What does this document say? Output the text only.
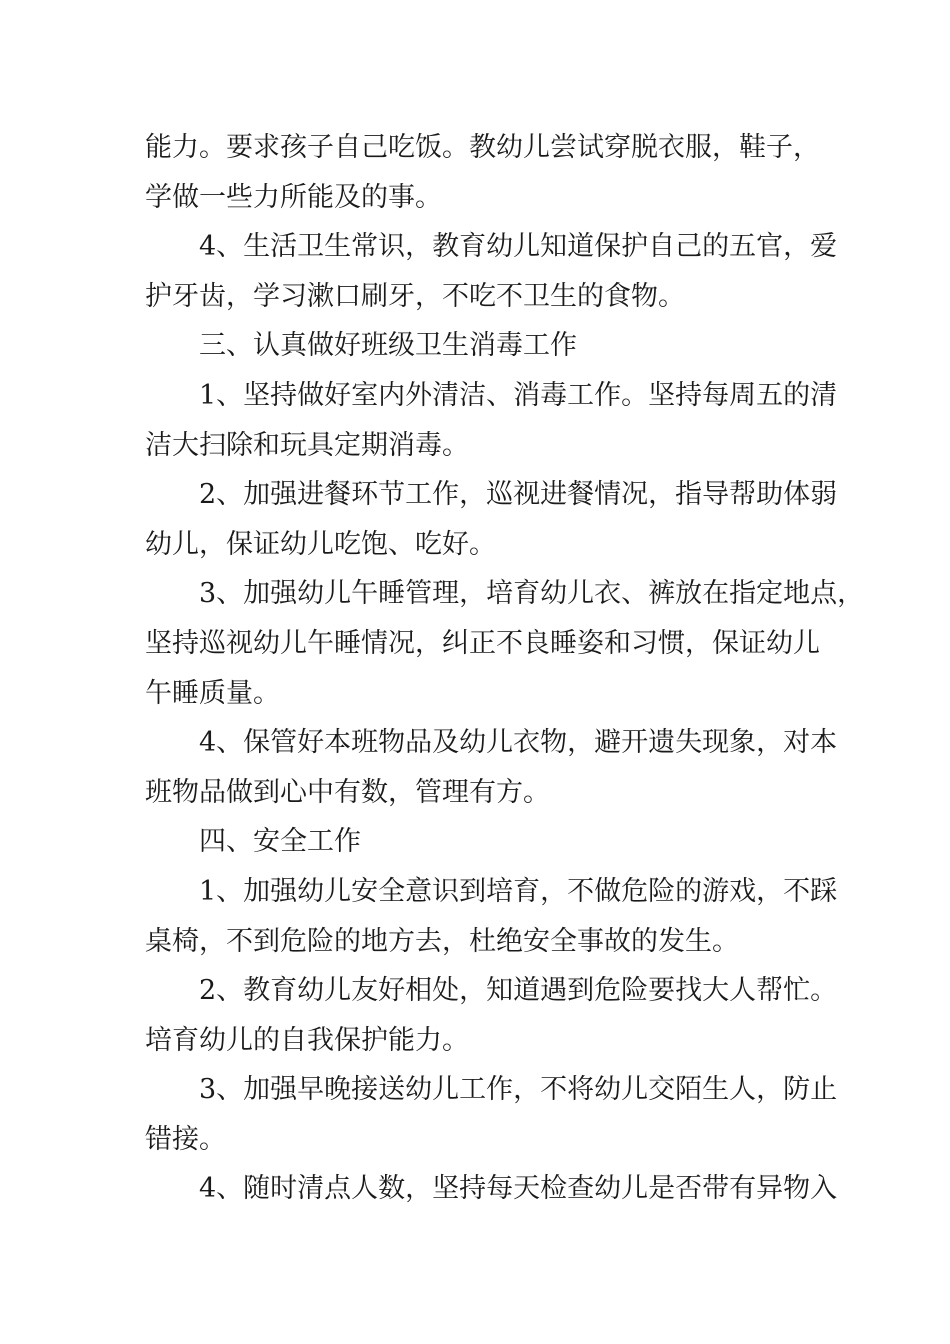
能力。要求孩子自己吃饭。教幼儿尝试穿脱衣服，鞋子，
学做一些力所能及的事。

4、生活卫生常识，教育幼儿知道保护自己的五官，爱
护牙齿，学习漱口刷牙，不吃不卫生的食物。

三、认真做好班级卫生消毒工作

1、坚持做好室内外清洁、消毒工作。坚持每周五的清
洁大扫除和玩具定期消毒。

2、加强进餐环节工作，巡视进餐情况，指导帮助体弱
幼儿，保证幼儿吃饱、吃好。

3、加强幼儿午睡管理，培育幼儿衣、裤放在指定地点，
坚持巡视幼儿午睡情况，纠正不良睡姿和习惯，保证幼儿
午睡质量。

4、保管好本班物品及幼儿衣物，避开遗失现象，对本
班物品做到心中有数，管理有方。

四、安全工作

1、加强幼儿安全意识到培育，不做危险的游戏，不踩
桌椅，不到危险的地方去，杜绝安全事故的发生。

2、教育幼儿友好相处，知道遇到危险要找大人帮忙。
培育幼儿的自我保护能力。

3、加强早晚接送幼儿工作，不将幼儿交陌生人，防止
错接。

4、随时清点人数，坚持每天检查幼儿是否带有异物入
